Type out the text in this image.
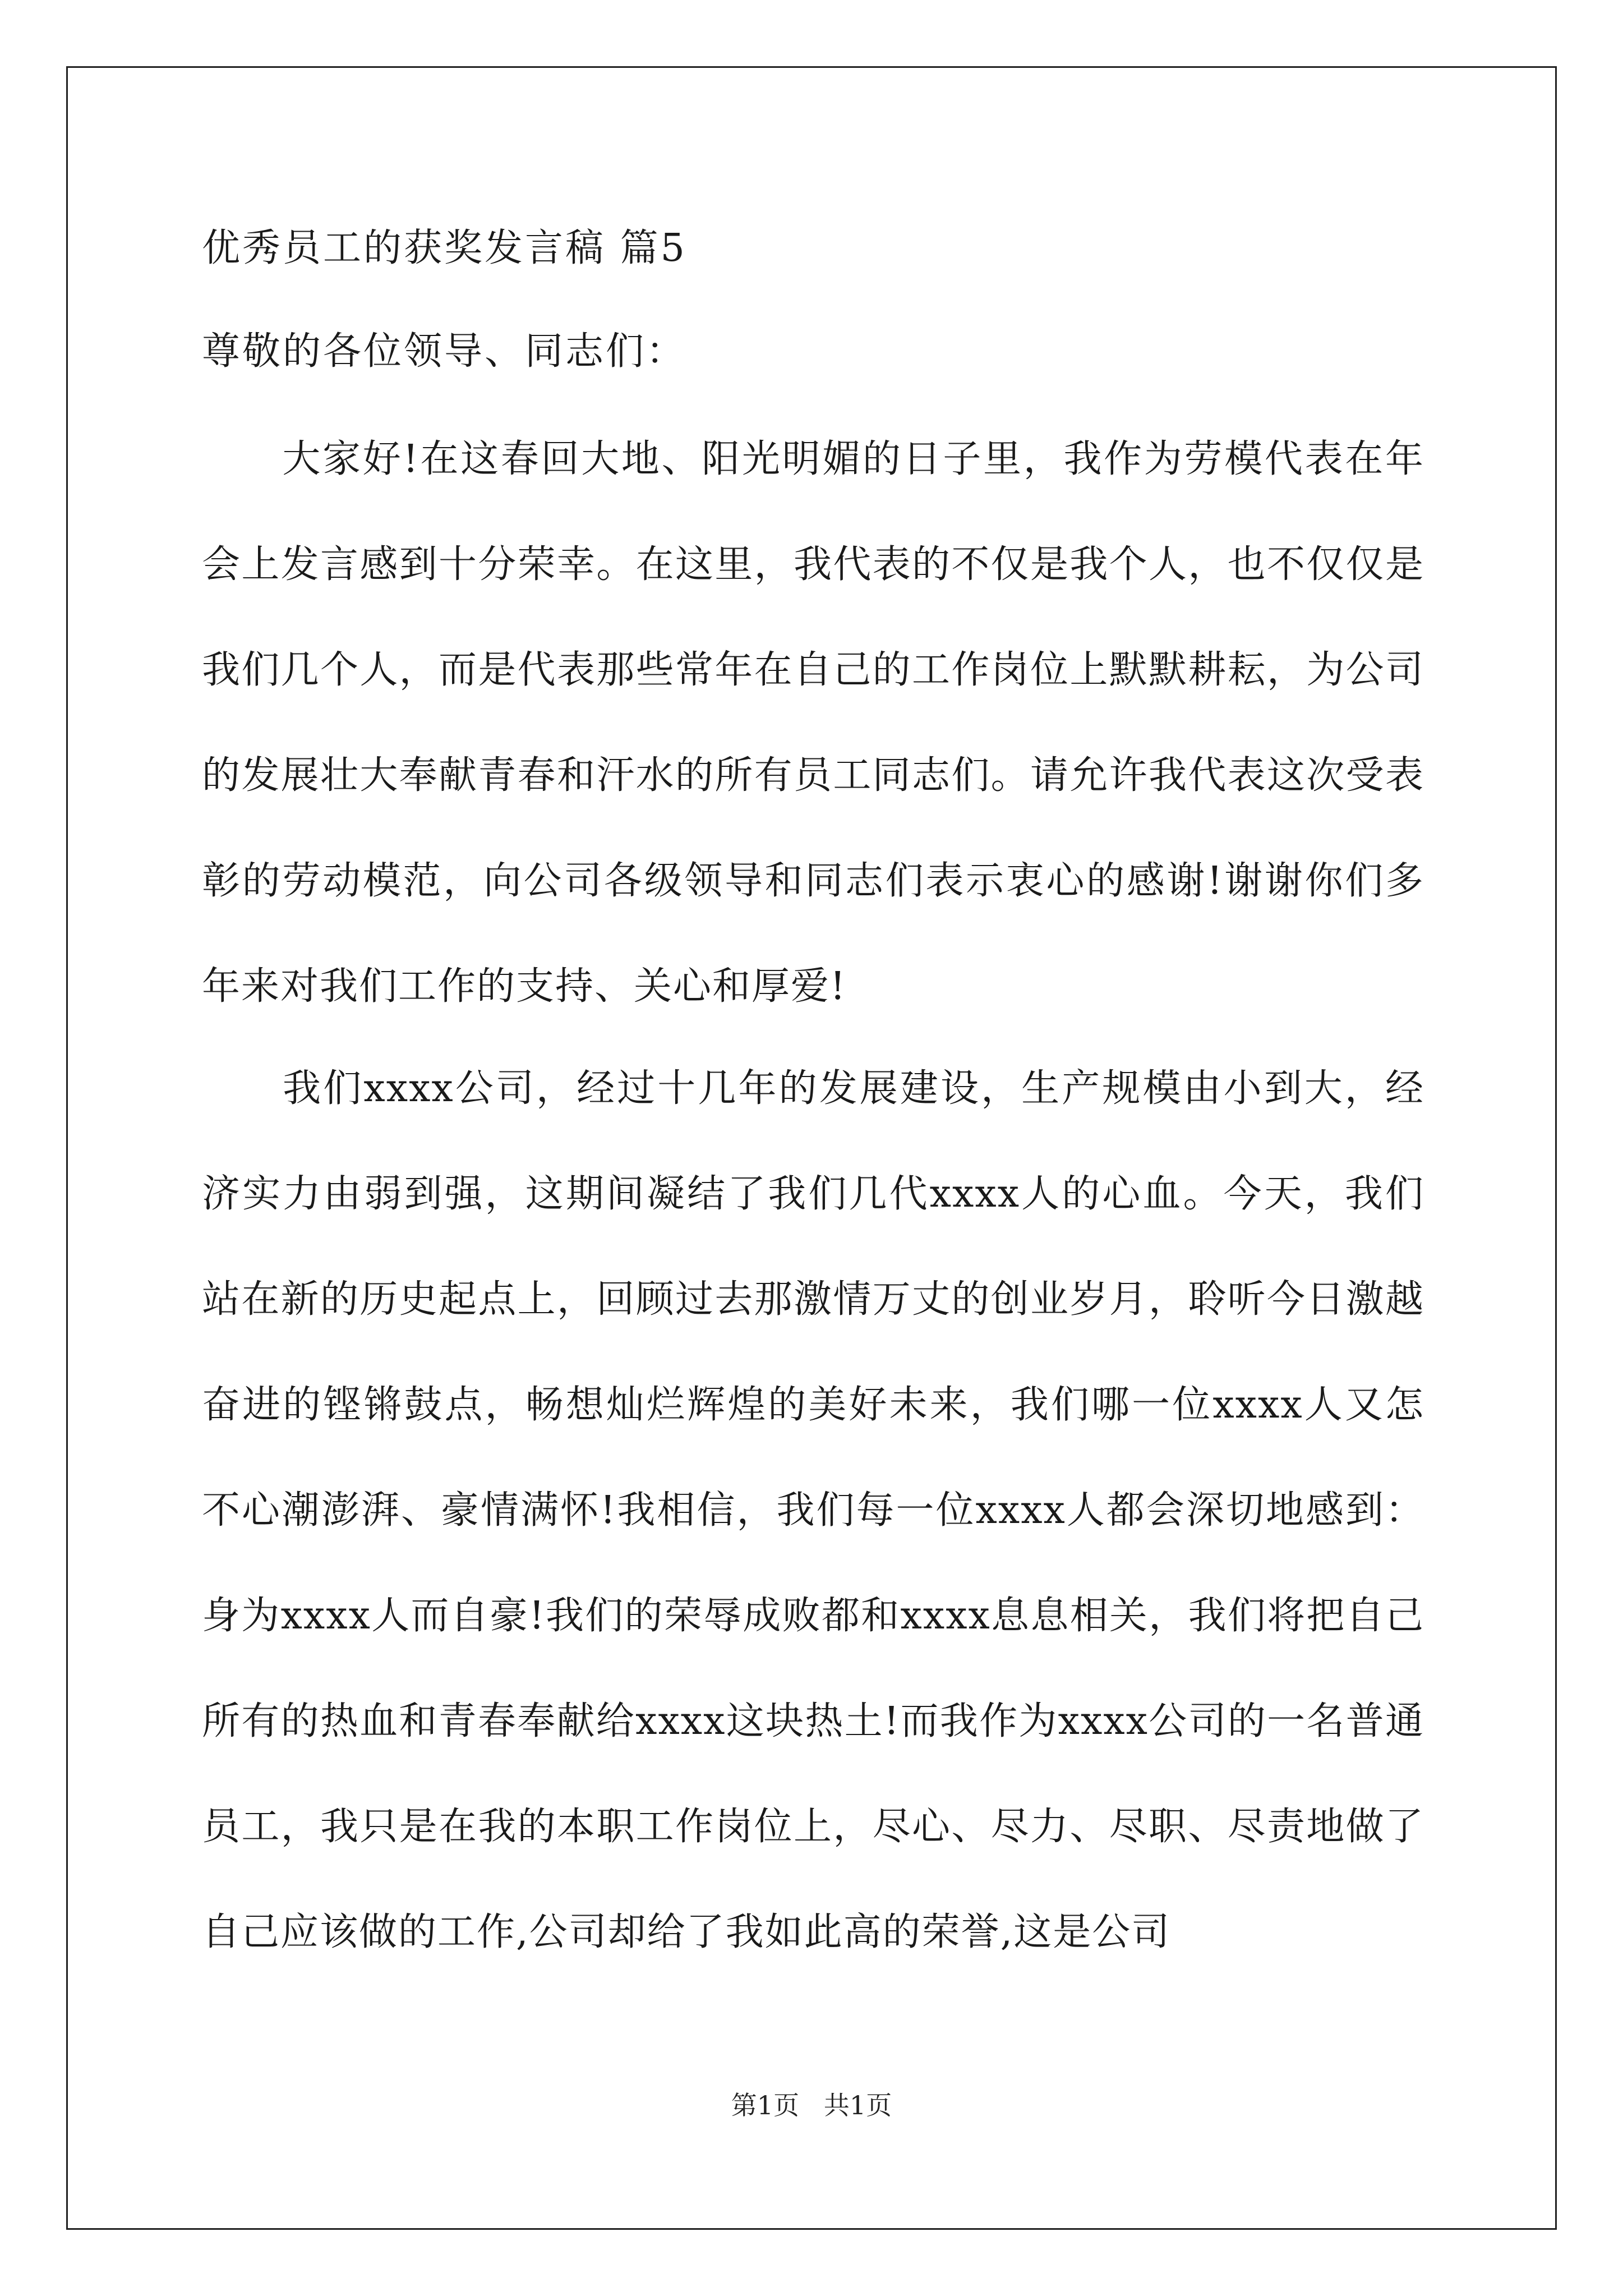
优秀员工的获奖发言稿 篇5
尊敬的各位领导、同志们：

　　大家好!在这春回大地、阳光明媚的日子里，我作为劳模代表在年会上发言感到十分荣幸。在这里，我代表的不仅是我个人，也不仅仅是我们几个人，而是代表那些常年在自己的工作岗位上默默耕耘，为公司的发展壮大奉献青春和汗水的所有员工同志们。请允许我代表这次受表彰的劳动模范，向公司各级领导和同志们表示衷心的感谢!谢谢你们多年来对我们工作的支持、关心和厚爱!

　　我们xxxx公司，经过十几年的发展建设，生产规模由小到大，经济实力由弱到强，这期间凝结了我们几代xxxx人的心血。今天，我们站在新的历史起点上，回顾过去那激情万丈的创业岁月，聆听今日激越奋进的铿锵鼓点，畅想灿烂辉煌的美好未来，我们哪一位xxxx人又怎不心潮澎湃、豪情满怀!我相信，我们每一位xxxx人都会深切地感到：身为xxxx人而自豪!我们的荣辱成败都和xxxx息息相关，我们将把自己所有的热血和青春奉献给xxxx这块热土!而我作为xxxx公司的一名普通员工，我只是在我的本职工作岗位上，尽心、尽力、尽职、尽责地做了自己应该做的工作,公司却给了我如此高的荣誉,这是公司

第1页   共1页
